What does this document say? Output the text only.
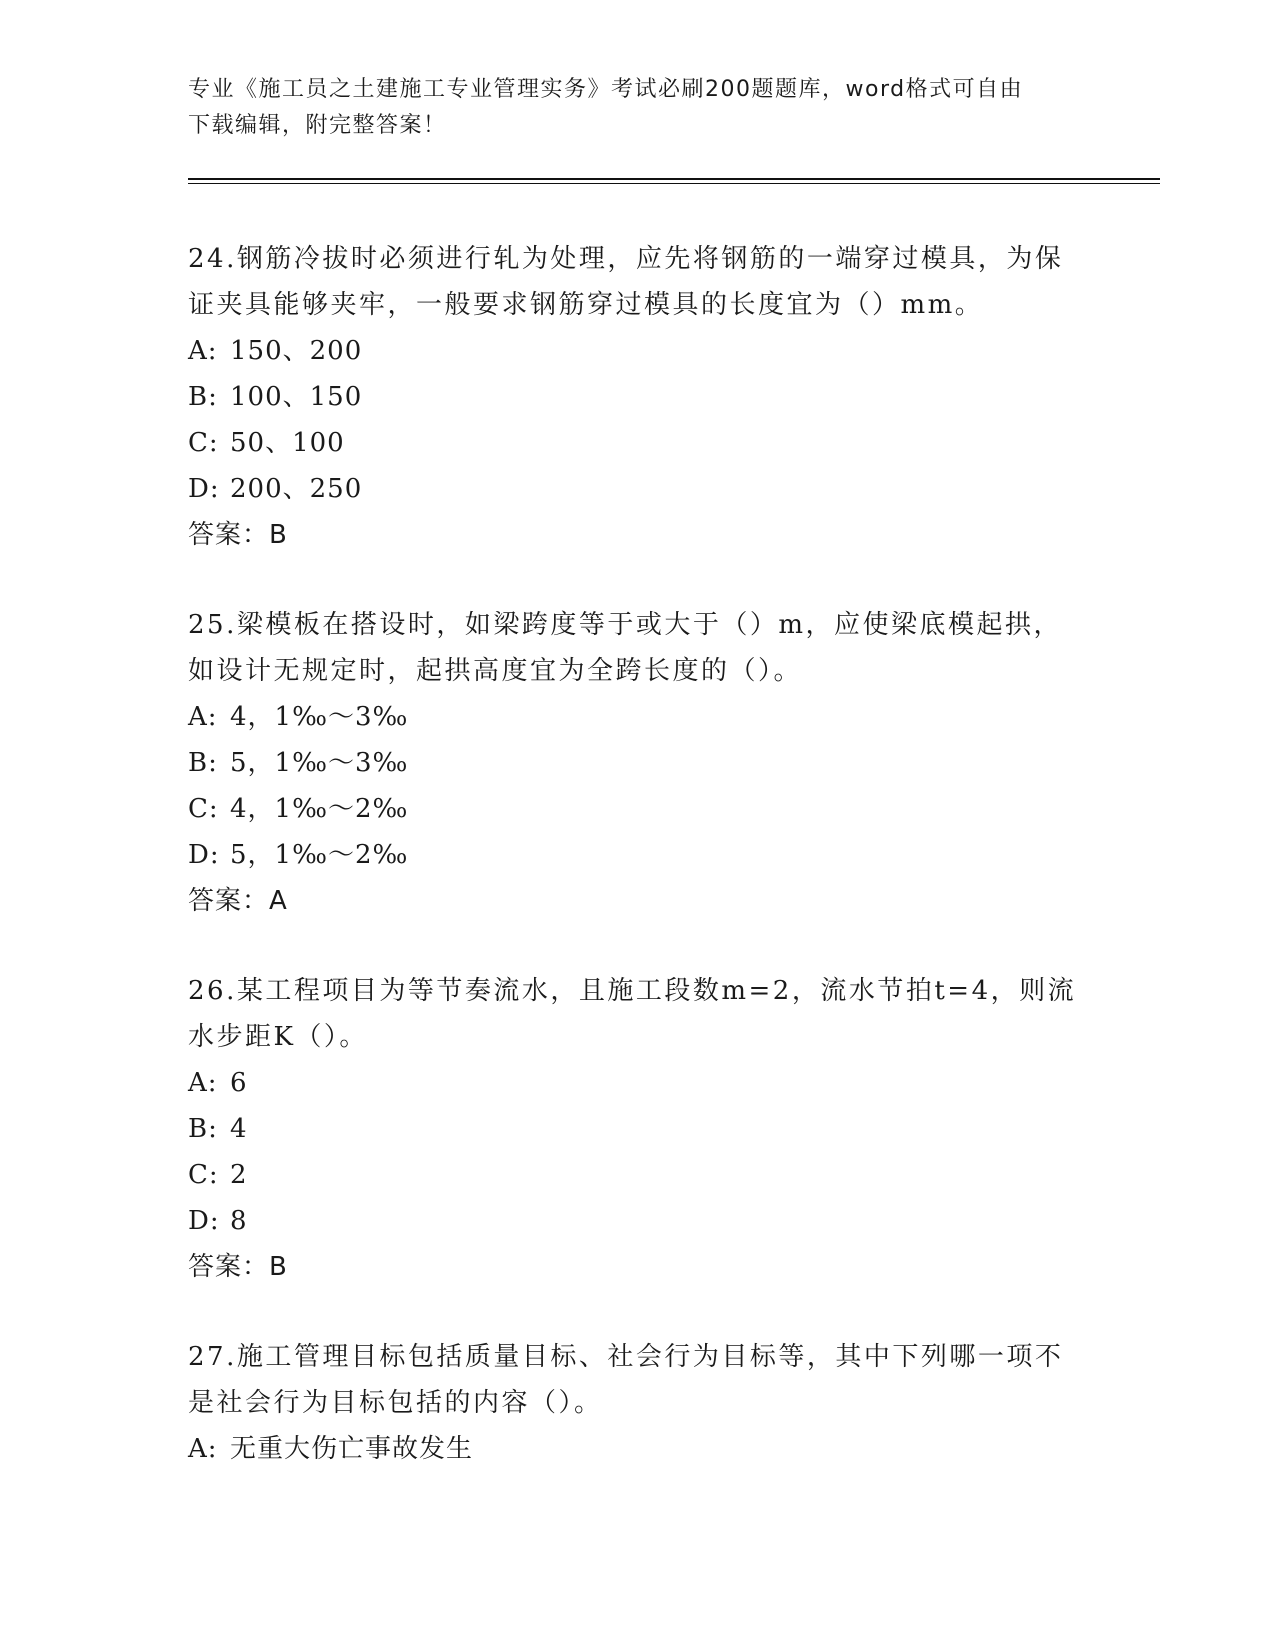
专业《施工员之土建施工专业管理实务》考试必刷200题题库，word格式可自由
下载编辑，附完整答案！

24.钢筋冷拔时必须进行轧为处理，应先将钢筋的一端穿过模具，为保
证夹具能够夹牢，一般要求钢筋穿过模具的长度宜为（）mm。

A: 150、200

B: 100、150

C: 50、100

D: 200、250

答案：B

25.梁模板在搭设时，如梁跨度等于或大于（）m，应使梁底模起拱，
如设计无规定时，起拱高度宜为全跨长度的（）。

A: 4，1‰～3‰

B: 5，1‰～3‰

C: 4，1‰～2‰

D: 5，1‰～2‰

答案：A

26.某工程项目为等节奏流水，且施工段数m=2，流水节拍t=4，则流
水步距K（）。

A: 6

B: 4

C: 2

D: 8

答案：B

27.施工管理目标包括质量目标、社会行为目标等，其中下列哪一项不
是社会行为目标包括的内容（）。

A: 无重大伤亡事故发生
